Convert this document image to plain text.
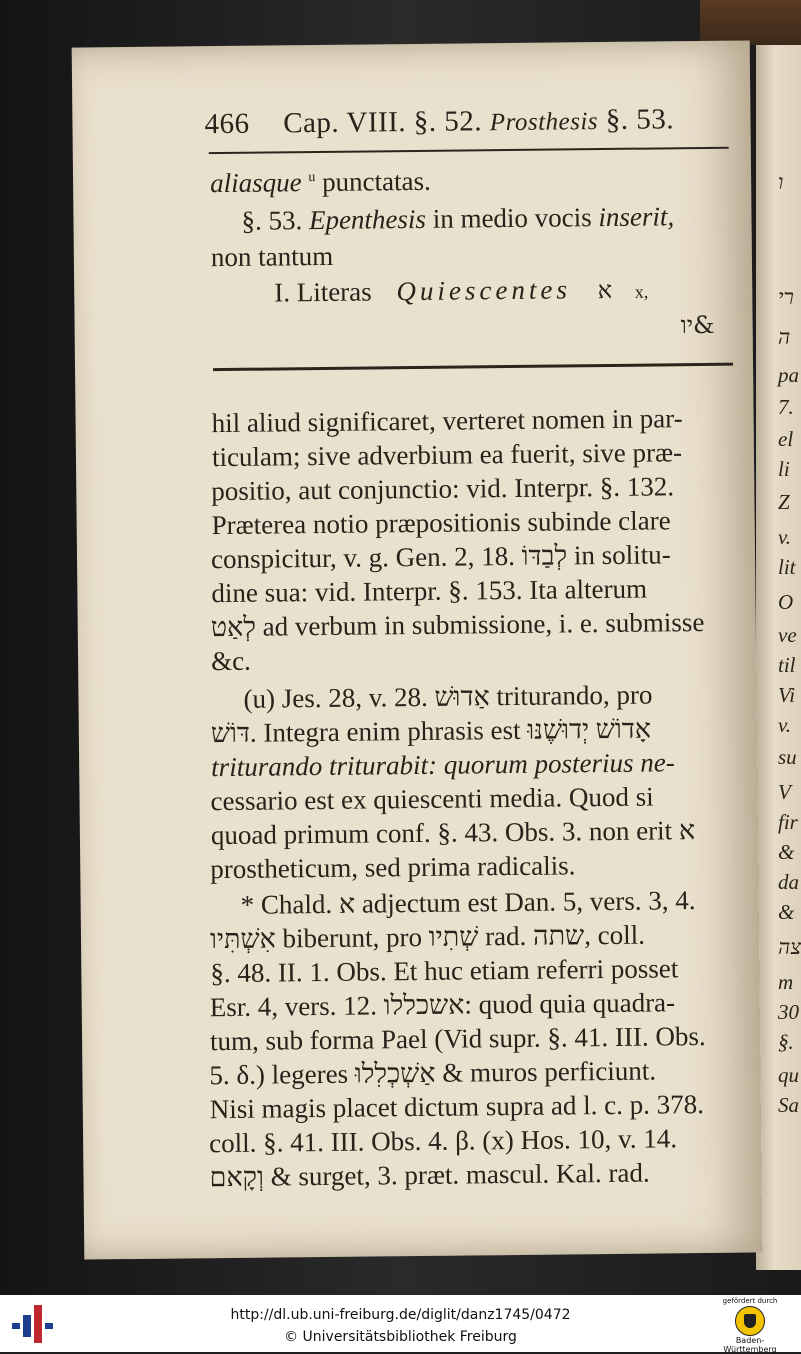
ו
רי
ה
pa
7.
el
li
Z
v.
lit
O
ve
til
Vi
v.
su
V
fir
&
da
&
צה
m
30
§.
qu
Sa
466 Cap. VIII. §. 52. Prosthesis §. 53.
aliasque $^u$ punctatas.
§. 53. Epenthesis in medio vocis inserit,
non tantum
I. Literas Quiescentes א x,
יו&
hil aliud significaret, verteret nomen in par-
ticulam; sive adverbium ea fuerit, sive præ-
positio, aut conjunctio: vid. Interpr. §. 132.
Præterea notio præpositionis subinde clare
conspicitur, v. g. Gen. 2, 18. לְבַדּוֹ in solitu-
dine sua: vid. Interpr. §. 153. Ita alterum
לְאַט ad verbum in submissione, i. e. submisse
&c.
(u) Jes. 28, v. 28. אַדוּשׁ triturando, pro
דּוֹשׁ. Integra enim phrasis est אָדוֹשׁ יְדוּשֶׁנּוּ
triturando triturabit: quorum posterius ne-
cessario est ex quiescenti media. Quod si
quoad primum conf. §. 43. Obs. 3. non erit א
prostheticum, sed prima radicalis.
* Chald. א adjectum est Dan. 5, vers. 3, 4.
אִשְׁתִּיו biberunt, pro שְׁתִיו rad. שתה, coll.
§. 48. II. 1. Obs. Et huc etiam referri posset
Esr. 4, vers. 12. אשכללו: quod quia quadra-
tum, sub forma Pael (Vid supr. §. 41. III. Obs.
5. δ.) legeres אַשְׁכְלִלוּ & muros perficiunt.
Nisi magis placet dictum supra ad l. c. p. 378.
coll. §. 41. III. Obs. 4. β. (x) Hos. 10, v. 14.
וְקָאם & surget, 3. præt. mascul. Kal. rad.
http://dl.ub.uni-freiburg.de/diglit/danz1745/0472
© Universitätsbibliothek Freiburg
gefördert durch
Baden-Württemberg
